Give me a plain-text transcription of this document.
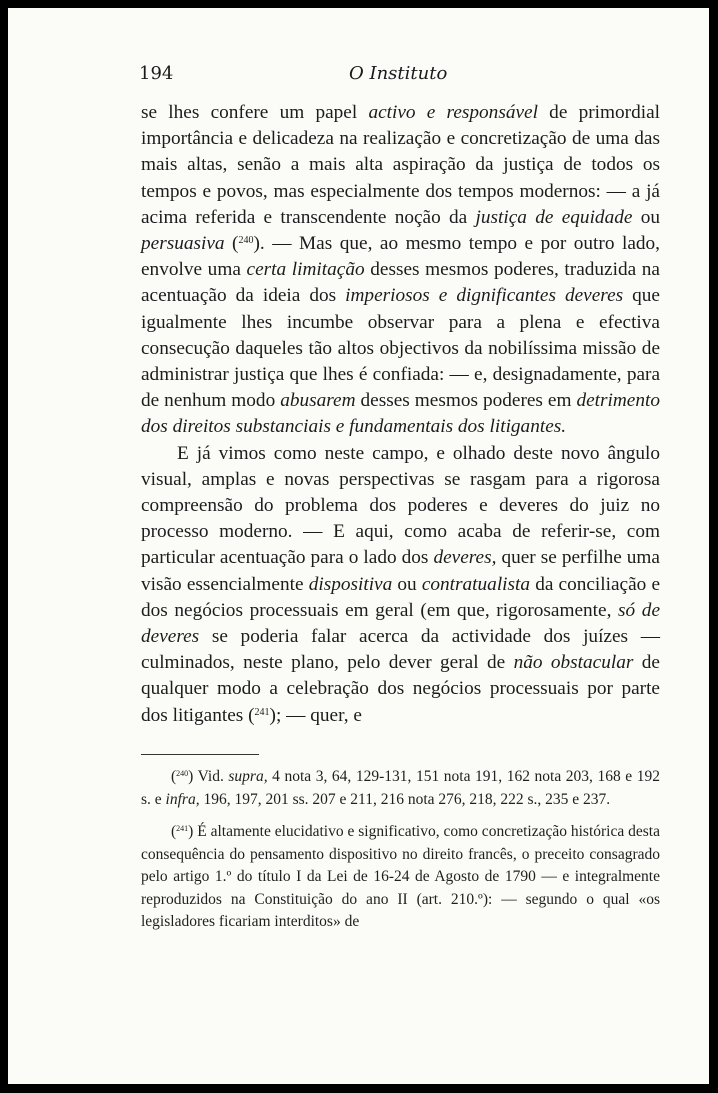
194	O Instituto

se lhes confere um papel activo e responsável de primordial importância e delicadeza na realização e concretização de uma das mais altas, senão a mais alta aspiração da justiça de todos os tempos e povos, mas especialmente dos tempos modernos: — a já acima referida e transcendente noção da justiça de equidade ou persuasiva ($^{240}$). — Mas que, ao mesmo tempo e por outro lado, envolve uma certa limitação desses mesmos poderes, traduzida na acentuação da ideia dos imperiosos e dignificantes deveres que igualmente lhes incumbe observar para a plena e efectiva consecução daqueles tão altos objectivos da nobilíssima missão de administrar justiça que lhes é confiada: — e, designadamente, para de nenhum modo abusarem desses mesmos poderes em detrimento dos direitos substanciais e fundamentais dos litigantes.

E já vimos como neste campo, e olhado deste novo ângulo visual, amplas e novas perspectivas se rasgam para a rigorosa compreensão do problema dos poderes e deveres do juiz no processo moderno. — E aqui, como acaba de referir-se, com particular acentuação para o lado dos deveres, quer se perfilhe uma visão essencialmente dispositiva ou contratualista da conciliação e dos negócios processuais em geral (em que, rigorosamente, só de deveres se poderia falar acerca da actividade dos juízes — culminados, neste plano, pelo dever geral de não obstacular de qualquer modo a celebração dos negócios processuais por parte dos litigantes ($^{241}$); — quer, e

($^{240}$) Vid. supra, 4 nota 3, 64, 129-131, 151 nota 191, 162 nota 203, 168 e 192 s. e infra, 196, 197, 201 ss. 207 e 211, 216 nota 276, 218, 222 s., 235 e 237.

($^{241}$) É altamente elucidativo e significativo, como concretização histórica desta consequência do pensamento dispositivo no direito francês, o preceito consagrado pelo artigo 1.º do título I da Lei de 16-24 de Agosto de 1790 — e integralmente reproduzidos na Constituição do ano II (art. 210.º): — segundo o qual «os legisladores ficariam interditos» de
